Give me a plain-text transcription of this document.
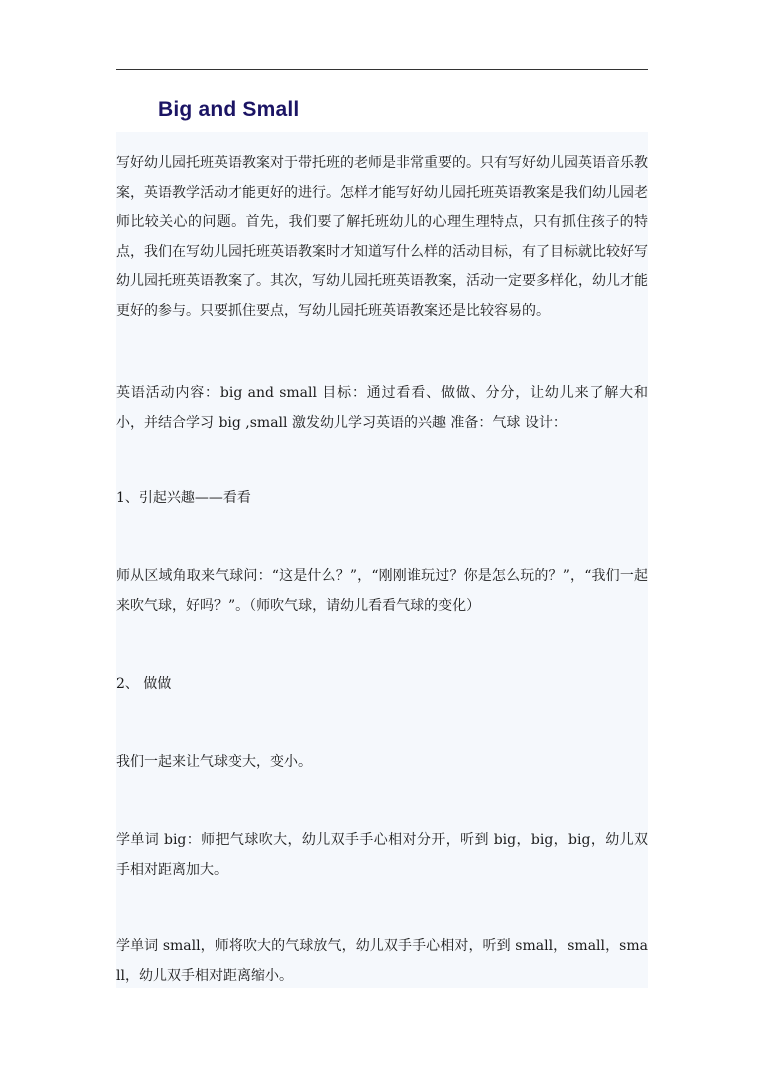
Big and Small

写好幼儿园托班英语教案对于带托班的老师是非常重要的。只有写好幼儿园英语音乐教案，英语教学活动才能更好的进行。怎样才能写好幼儿园托班英语教案是我们幼儿园老师比较关心的问题。首先，我们要了解托班幼儿的心理生理特点，只有抓住孩子的特点，我们在写幼儿园托班英语教案时才知道写什么样的活动目标，有了目标就比较好写幼儿园托班英语教案了。其次，写幼儿园托班英语教案，活动一定要多样化，幼儿才能更好的参与。只要抓住要点，写幼儿园托班英语教案还是比较容易的。

英语活动内容：big and small 目标：通过看看、做做、分分，让幼儿来了解大和小，并结合学习 big ,small 激发幼儿学习英语的兴趣 准备：气球 设计：

1、引起兴趣——看看

师从区域角取来气球问：“这是什么？”，“刚刚谁玩过？你是怎么玩的？”，“我们一起来吹气球，好吗？”。（师吹气球，请幼儿看看气球的变化）

2、 做做

我们一起来让气球变大，变小。

学单词 big：师把气球吹大，幼儿双手手心相对分开，听到 big，big，big，幼儿双手相对距离加大。

学单词 small，师将吹大的气球放气，幼儿双手手心相对，听到 small，small，small，幼儿双手相对距离缩小。
